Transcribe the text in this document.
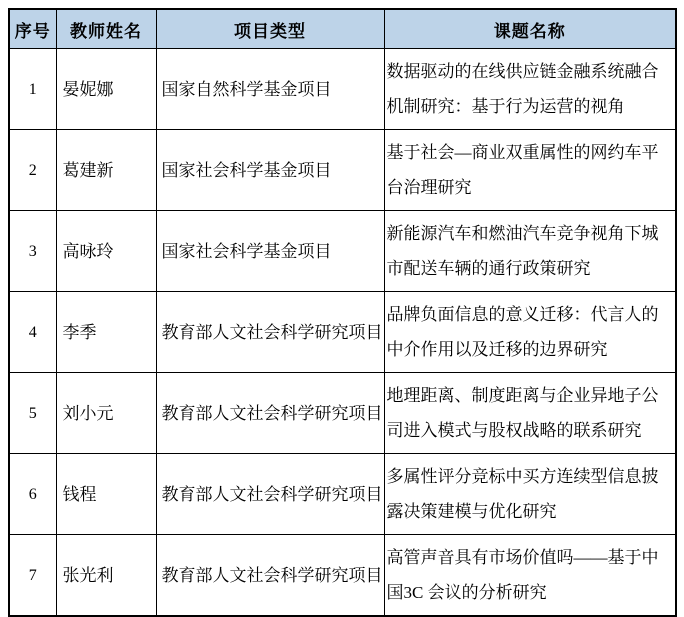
序号	教师姓名	项目类型	课题名称
1	晏妮娜	国家自然科学基金项目	数据驱动的在线供应链金融系统融合机制研究：基于行为运营的视角
2	葛建新	国家社会科学基金项目	基于社会—商业双重属性的网约车平台治理研究
3	高咏玲	国家社会科学基金项目	新能源汽车和燃油汽车竞争视角下城市配送车辆的通行政策研究
4	李季	教育部人文社会科学研究项目	品牌负面信息的意义迁移：代言人的中介作用以及迁移的边界研究
5	刘小元	教育部人文社会科学研究项目	地理距离、制度距离与企业异地子公司进入模式与股权战略的联系研究
6	钱程	教育部人文社会科学研究项目	多属性评分竞标中买方连续型信息披露决策建模与优化研究
7	张光利	教育部人文社会科学研究项目	高管声音具有市场价值吗——基于中国3C 会议的分析研究
